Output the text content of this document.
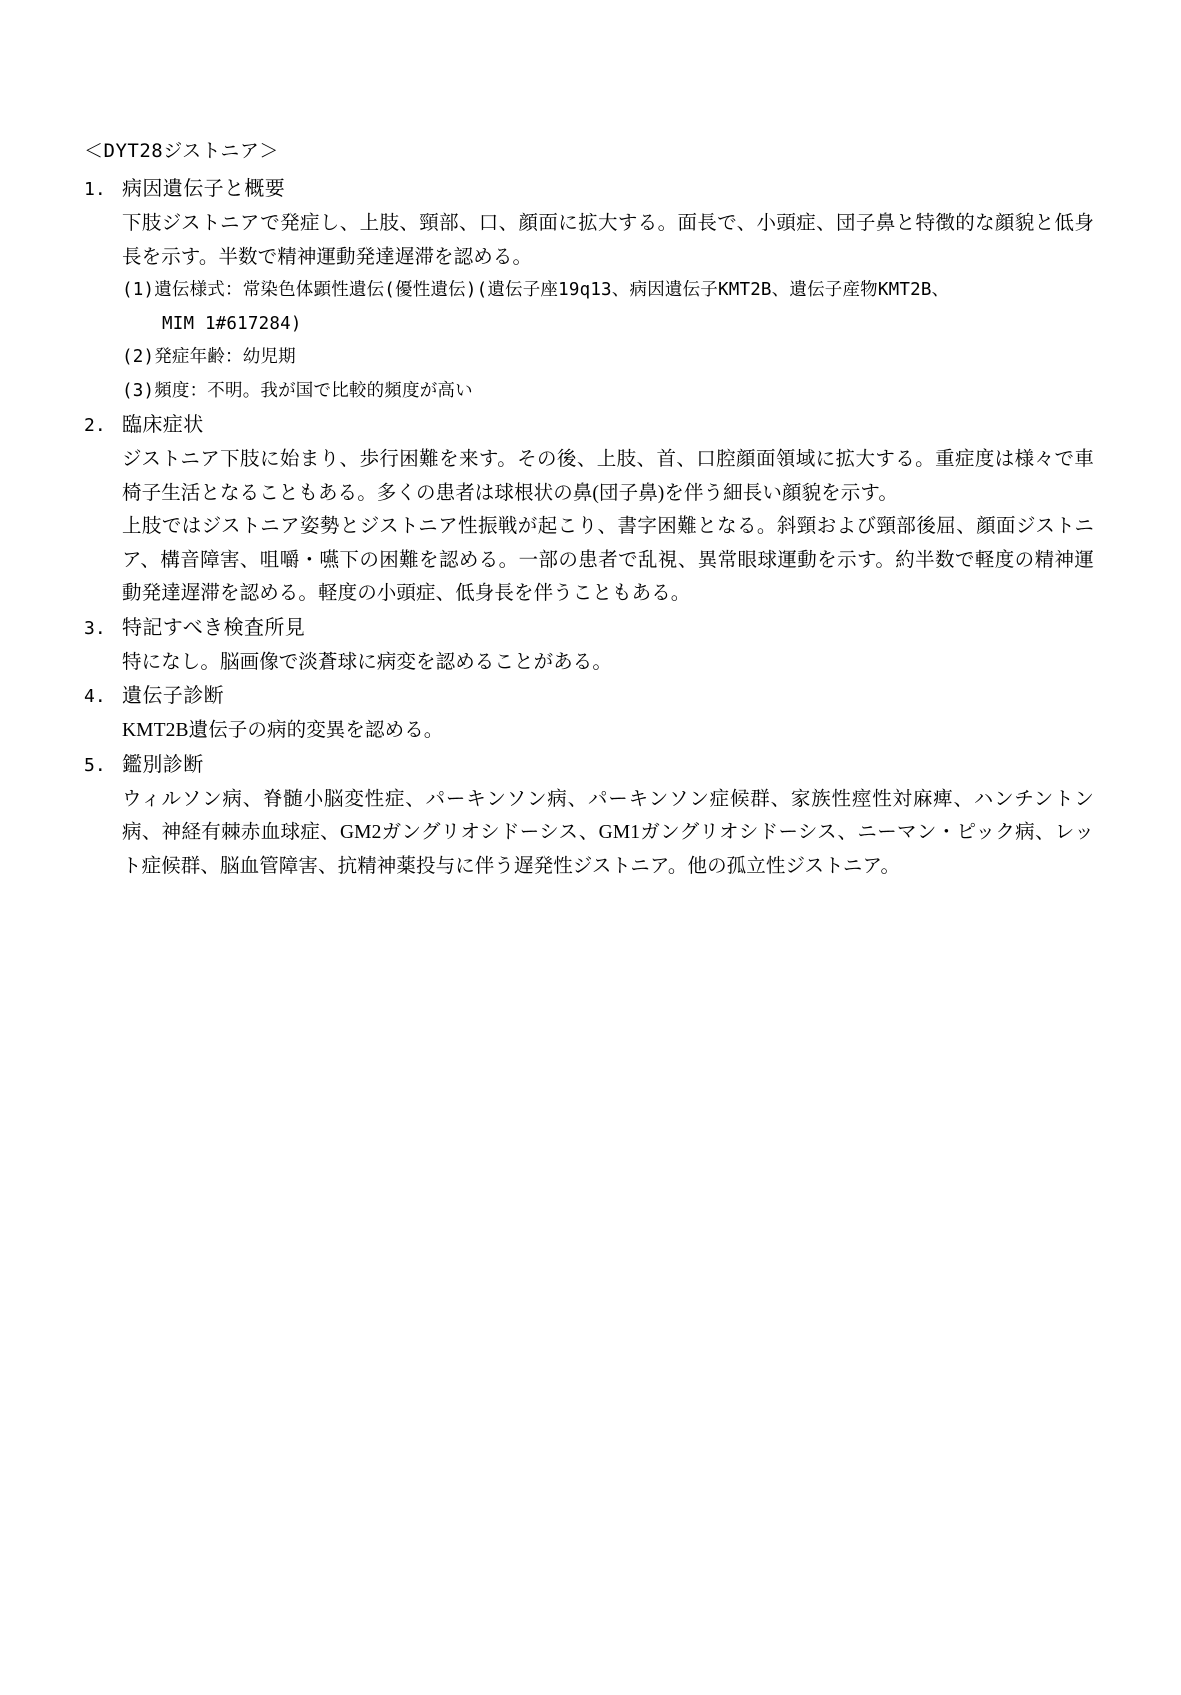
＜DYT28ジストニア＞
1. 病因遺伝子と概要

下肢ジストニアで発症し、上肢、頸部、口、顔面に拡大する。面長で、小頭症、団子鼻と特徴的な顔貌と低身長を示す。半数で精神運動発達遅滞を認める。

(1)遺伝様式：常染色体顕性遺伝(優性遺伝)(遺伝子座19q13、病因遺伝子KMT2B、遺伝子産物KMT2B、
MIM 1#617284)
(2)発症年齢：幼児期
(3)頻度：不明。我が国で比較的頻度が高い
2. 臨床症状

ジストニア下肢に始まり、歩行困難を来す。その後、上肢、首、口腔顔面領域に拡大する。重症度は様々で車椅子生活となることもある。多くの患者は球根状の鼻(団子鼻)を伴う細長い顔貌を示す。

上肢ではジストニア姿勢とジストニア性振戦が起こり、書字困難となる。斜頸および頸部後屈、顔面ジストニア、構音障害、咀嚼・嚥下の困難を認める。一部の患者で乱視、異常眼球運動を示す。約半数で軽度の精神運動発達遅滞を認める。軽度の小頭症、低身長を伴うこともある。

3. 特記すべき検査所見

特になし。脳画像で淡蒼球に病変を認めることがある。

4. 遺伝子診断

KMT2B遺伝子の病的変異を認める。

5. 鑑別診断

ウィルソン病、脊髄小脳変性症、パーキンソン病、パーキンソン症候群、家族性痙性対麻痺、ハンチントン病、神経有棘赤血球症、GM2ガングリオシドーシス、GM1ガングリオシドーシス、ニーマン・ピック病、レット症候群、脳血管障害、抗精神薬投与に伴う遅発性ジストニア。他の孤立性ジストニア。
